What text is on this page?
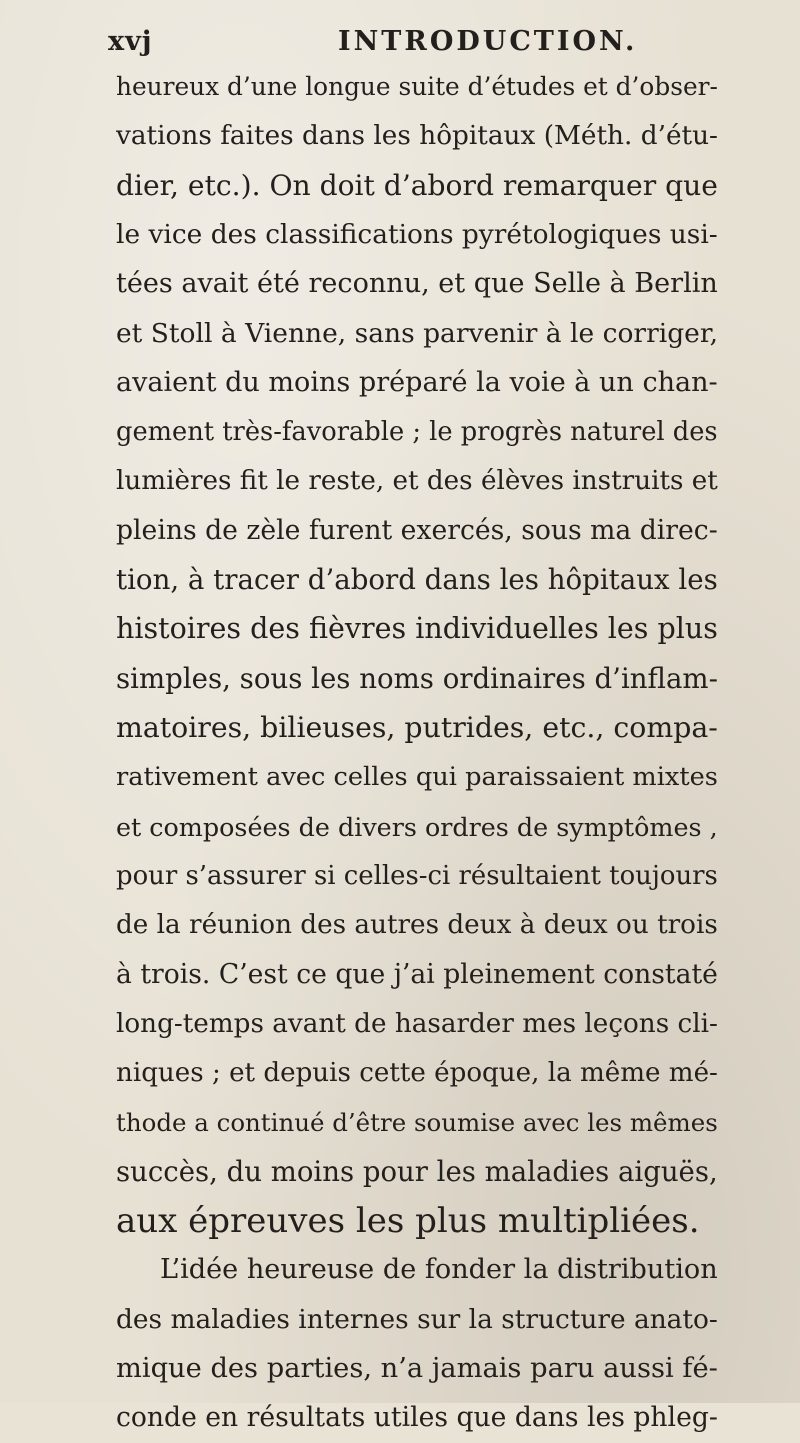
xvj	INTRODUCTION.
heureux d’une longue suite d’études et d’obser-
vations faites dans les hôpitaux (Méth. d’étu-
dier, etc.). On doit d’abord remarquer que
le vice des classifications pyrétologiques usi-
tées avait été reconnu, et que Selle à Berlin
et Stoll à Vienne, sans parvenir à le corriger,
avaient du moins préparé la voie à un chan-
gement très-favorable ; le progrès naturel des
lumières fit le reste, et des élèves instruits et
pleins de zèle furent exercés, sous ma direc-
tion, à tracer d’abord dans les hôpitaux les
histoires des fièvres individuelles les plus
simples, sous les noms ordinaires d’inflam-
matoires, bilieuses, putrides, etc., compa-
rativement avec celles qui paraissaient mixtes
et composées de divers ordres de symptômes ,
pour s’assurer si celles-ci résultaient toujours
de la réunion des autres deux à deux ou trois
à trois. C’est ce que j’ai pleinement constaté
long-temps avant de hasarder mes leçons cli-
niques ; et depuis cette époque, la même mé-
thode a continué d’être soumise avec les mêmes
succès, du moins pour les maladies aiguës,
aux épreuves les plus multipliées.
L’idée heureuse de fonder la distribution
des maladies internes sur la structure anato-
mique des parties, n’a jamais paru aussi fé-
conde en résultats utiles que dans les phleg-
